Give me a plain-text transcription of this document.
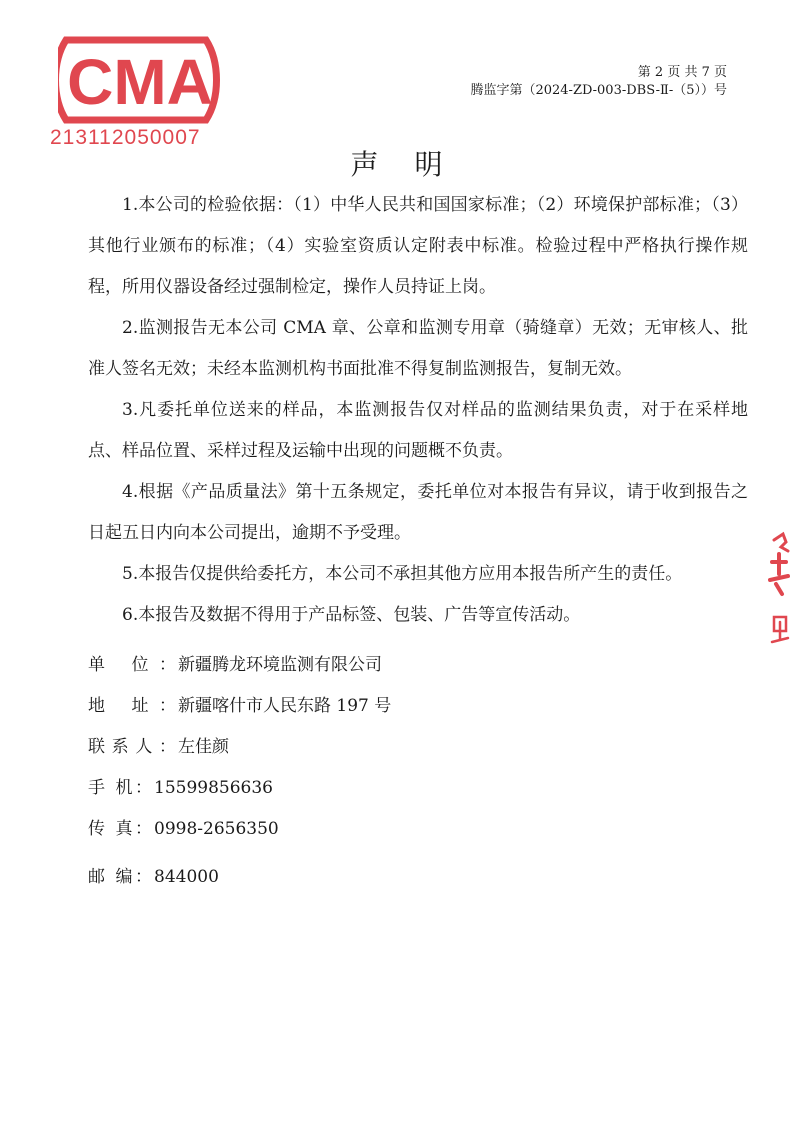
CMA
213112050007
第 2 页 共 7 页
腾监字第（2024-ZD-003-DBS-Ⅱ-（5））号
声明

1.本公司的检验依据：（1）中华人民共和国国家标准；（2）环境保护部标准；（3）其他行业颁布的标准；（4）实验室资质认定附表中标准。检验过程中严格执行操作规程，所用仪器设备经过强制检定，操作人员持证上岗。

2.监测报告无本公司 CMA 章、公章和监测专用章（骑缝章）无效；无审核人、批准人签名无效；未经本监测机构书面批准不得复制监测报告，复制无效。

3.凡委托单位送来的样品，本监测报告仅对样品的监测结果负责，对于在采样地点、样品位置、采样过程及运输中出现的问题概不负责。

4.根据《产品质量法》第十五条规定，委托单位对本报告有异议，请于收到报告之日起五日内向本公司提出，逾期不予受理。

5.本报告仅提供给委托方，本公司不承担其他方应用本报告所产生的责任。

6.本报告及数据不得用于产品标签、包装、广告等宣传活动。

单 位： 新疆腾龙环境监测有限公司
地 址： 新疆喀什市人民东路 197 号
联系人： 左佳颜
手 机： 15599856636
传 真： 0998-2656350
邮 编： 844000
